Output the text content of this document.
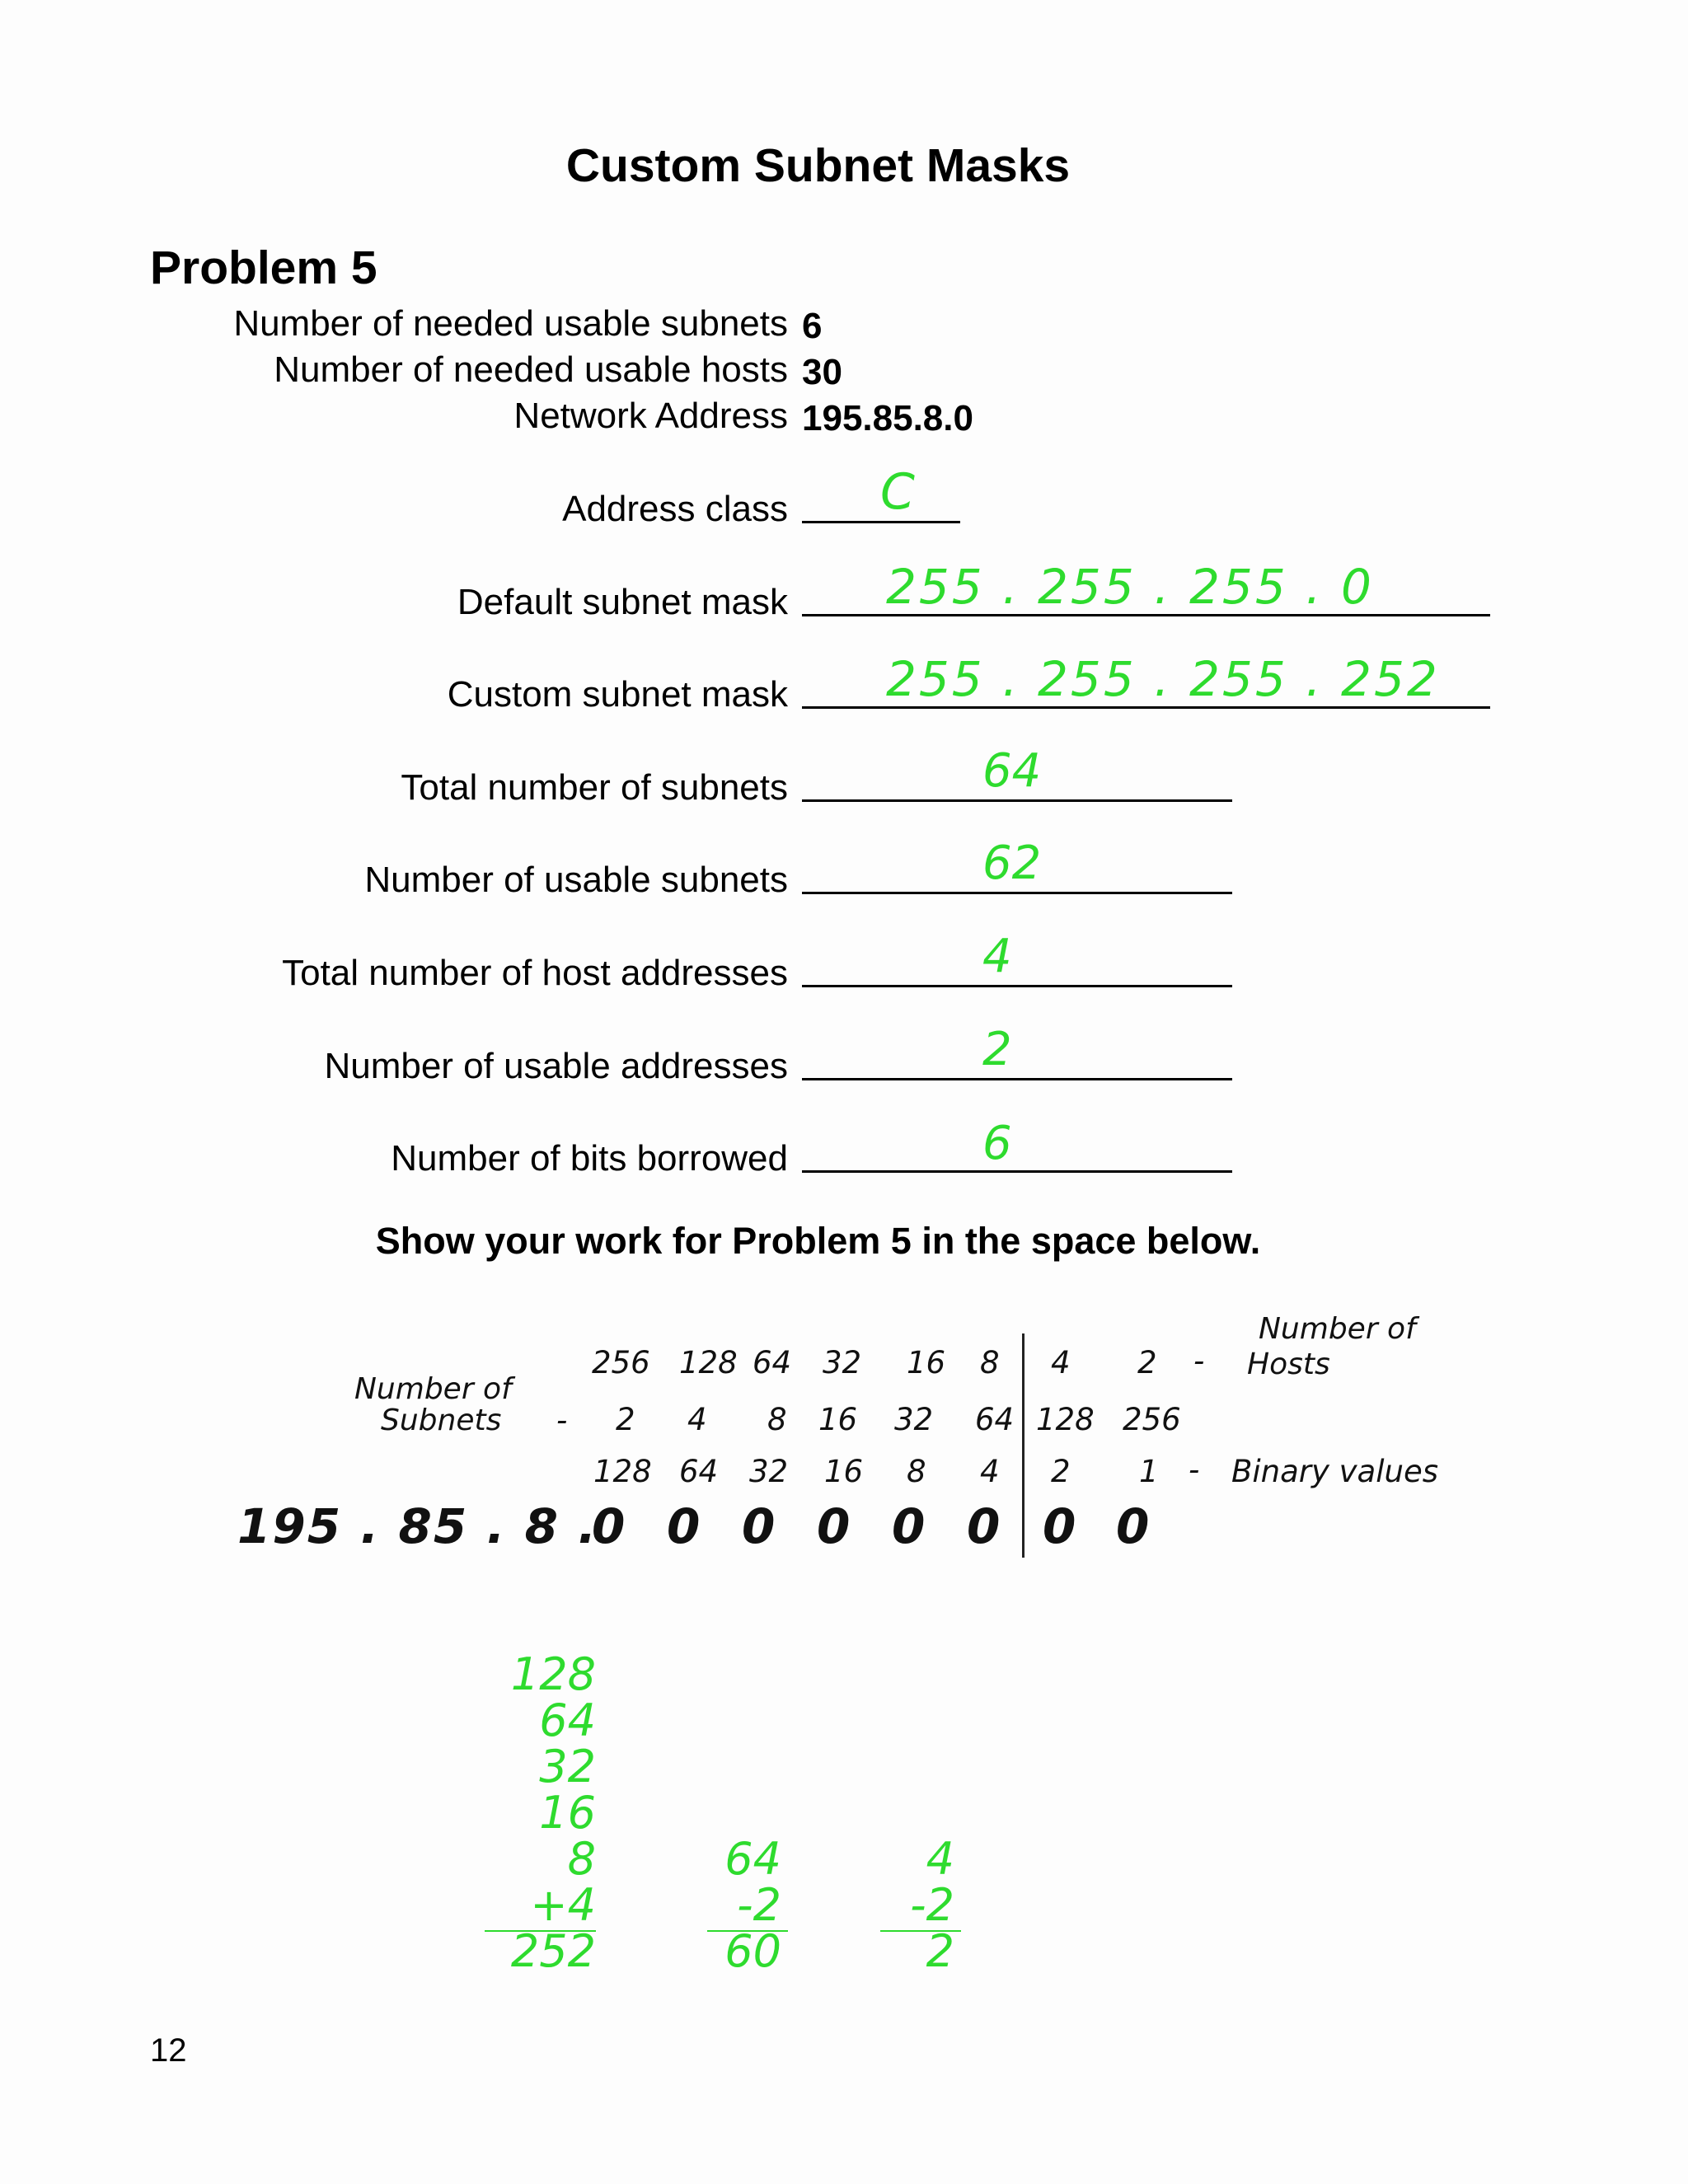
Custom Subnet Masks
Problem 5
Number of needed usable subnets 6
Number of needed usable hosts 30
Network Address 195.85.8.0
Address class C
Default subnet mask 255 . 255 . 255 . 0
Custom subnet mask 255 . 255 . 255 . 252
Total number of subnets	64
Number of usable subnets	62
Total number of host addresses	4
Number of usable addresses	2
Number of bits borrowed	6
Show your work for Problem 5 in the space below.
256 128 64 32 16 8 4 2 -
Number of
Hosts
Number of
Subnets - 2 4 8 16 32 64 128 256
128 64 32 16 8 4 2 1 - Binary values
195 . 85 . 8 .
0 0 0 0 0 0 0 0
128
64
32
16
8
+4
252
64
-2
60
4
-2
2
12
